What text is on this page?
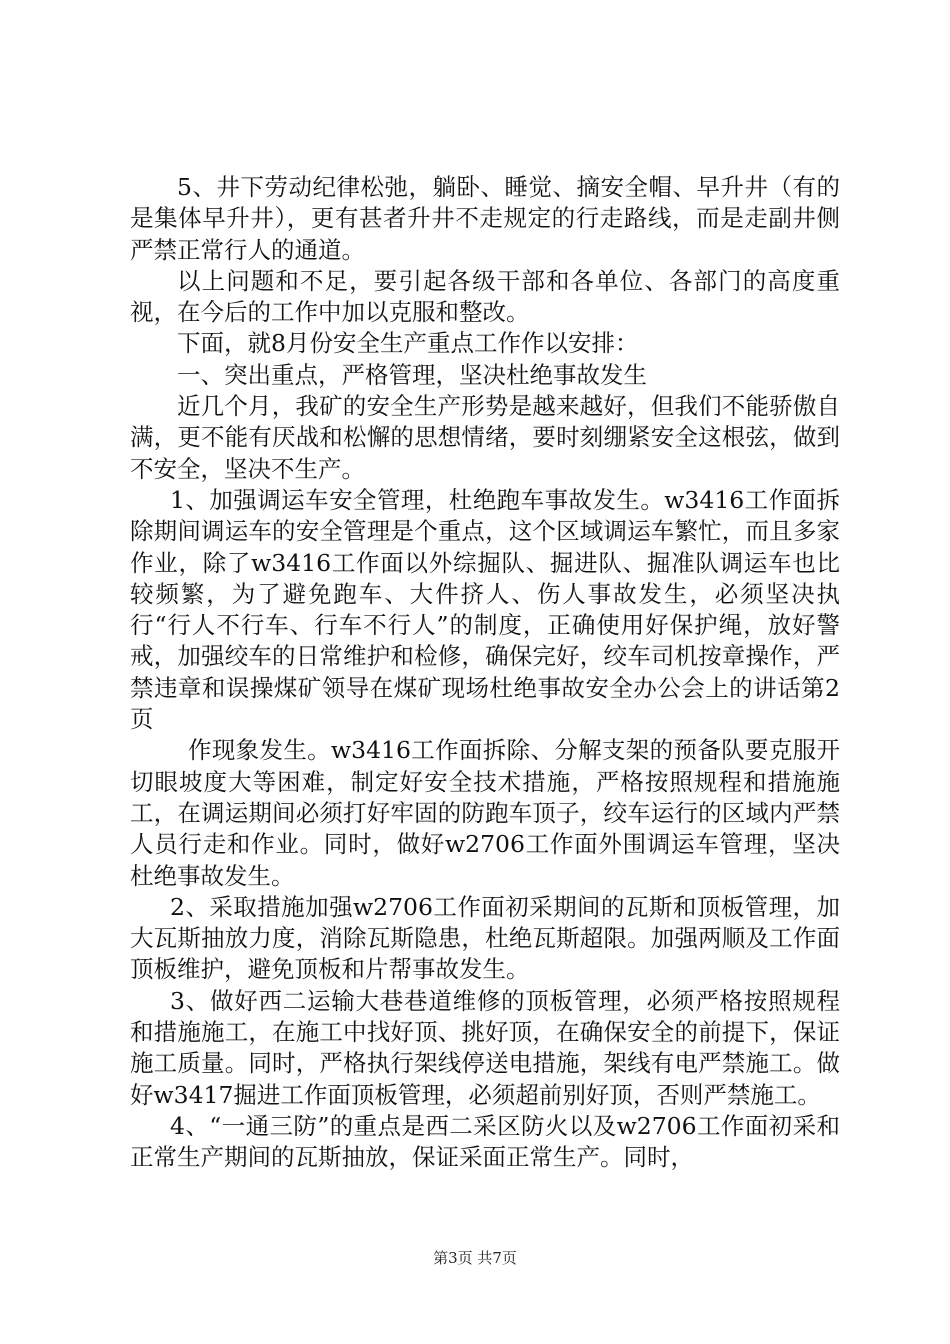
5、井下劳动纪律松弛，躺卧、睡觉、摘安全帽、早升井（有的是集体早升井），更有甚者升井不走规定的行走路线，而是走副井侧严禁正常行人的通道。

以上问题和不足，要引起各级干部和各单位、各部门的高度重视，在今后的工作中加以克服和整改。

下面，就8月份安全生产重点工作作以安排：

一、突出重点，严格管理，坚决杜绝事故发生

近几个月，我矿的安全生产形势是越来越好，但我们不能骄傲自满，更不能有厌战和松懈的思想情绪，要时刻绷紧安全这根弦，做到不安全，坚决不生产。

1、加强调运车安全管理，杜绝跑车事故发生。w3416工作面拆除期间调运车的安全管理是个重点，这个区域调运车繁忙，而且多家作业，除了w3416工作面以外综掘队、掘进队、掘准队调运车也比较频繁，为了避免跑车、大件挤人、伤人事故发生，必须坚决执行“行人不行车、行车不行人”的制度，正确使用好保护绳，放好警戒，加强绞车的日常维护和检修，确保完好，绞车司机按章操作，严禁违章和误操煤矿领导在煤矿现场杜绝事故安全办公会上的讲话第2页

作现象发生。w3416工作面拆除、分解支架的预备队要克服开切眼坡度大等困难，制定好安全技术措施，严格按照规程和措施施工，在调运期间必须打好牢固的防跑车顶子，绞车运行的区域内严禁人员行走和作业。同时，做好w2706工作面外围调运车管理，坚决杜绝事故发生。

2、采取措施加强w2706工作面初采期间的瓦斯和顶板管理，加大瓦斯抽放力度，消除瓦斯隐患，杜绝瓦斯超限。加强两顺及工作面顶板维护，避免顶板和片帮事故发生。

3、做好西二运输大巷巷道维修的顶板管理，必须严格按照规程和措施施工，在施工中找好顶、挑好顶，在确保安全的前提下，保证施工质量。同时，严格执行架线停送电措施，架线有电严禁施工。做好w3417掘进工作面顶板管理，必须超前别好顶，否则严禁施工。

4、“一通三防”的重点是西二采区防火以及w2706工作面初采和正常生产期间的瓦斯抽放，保证采面正常生产。同时，

第3页 共7页
